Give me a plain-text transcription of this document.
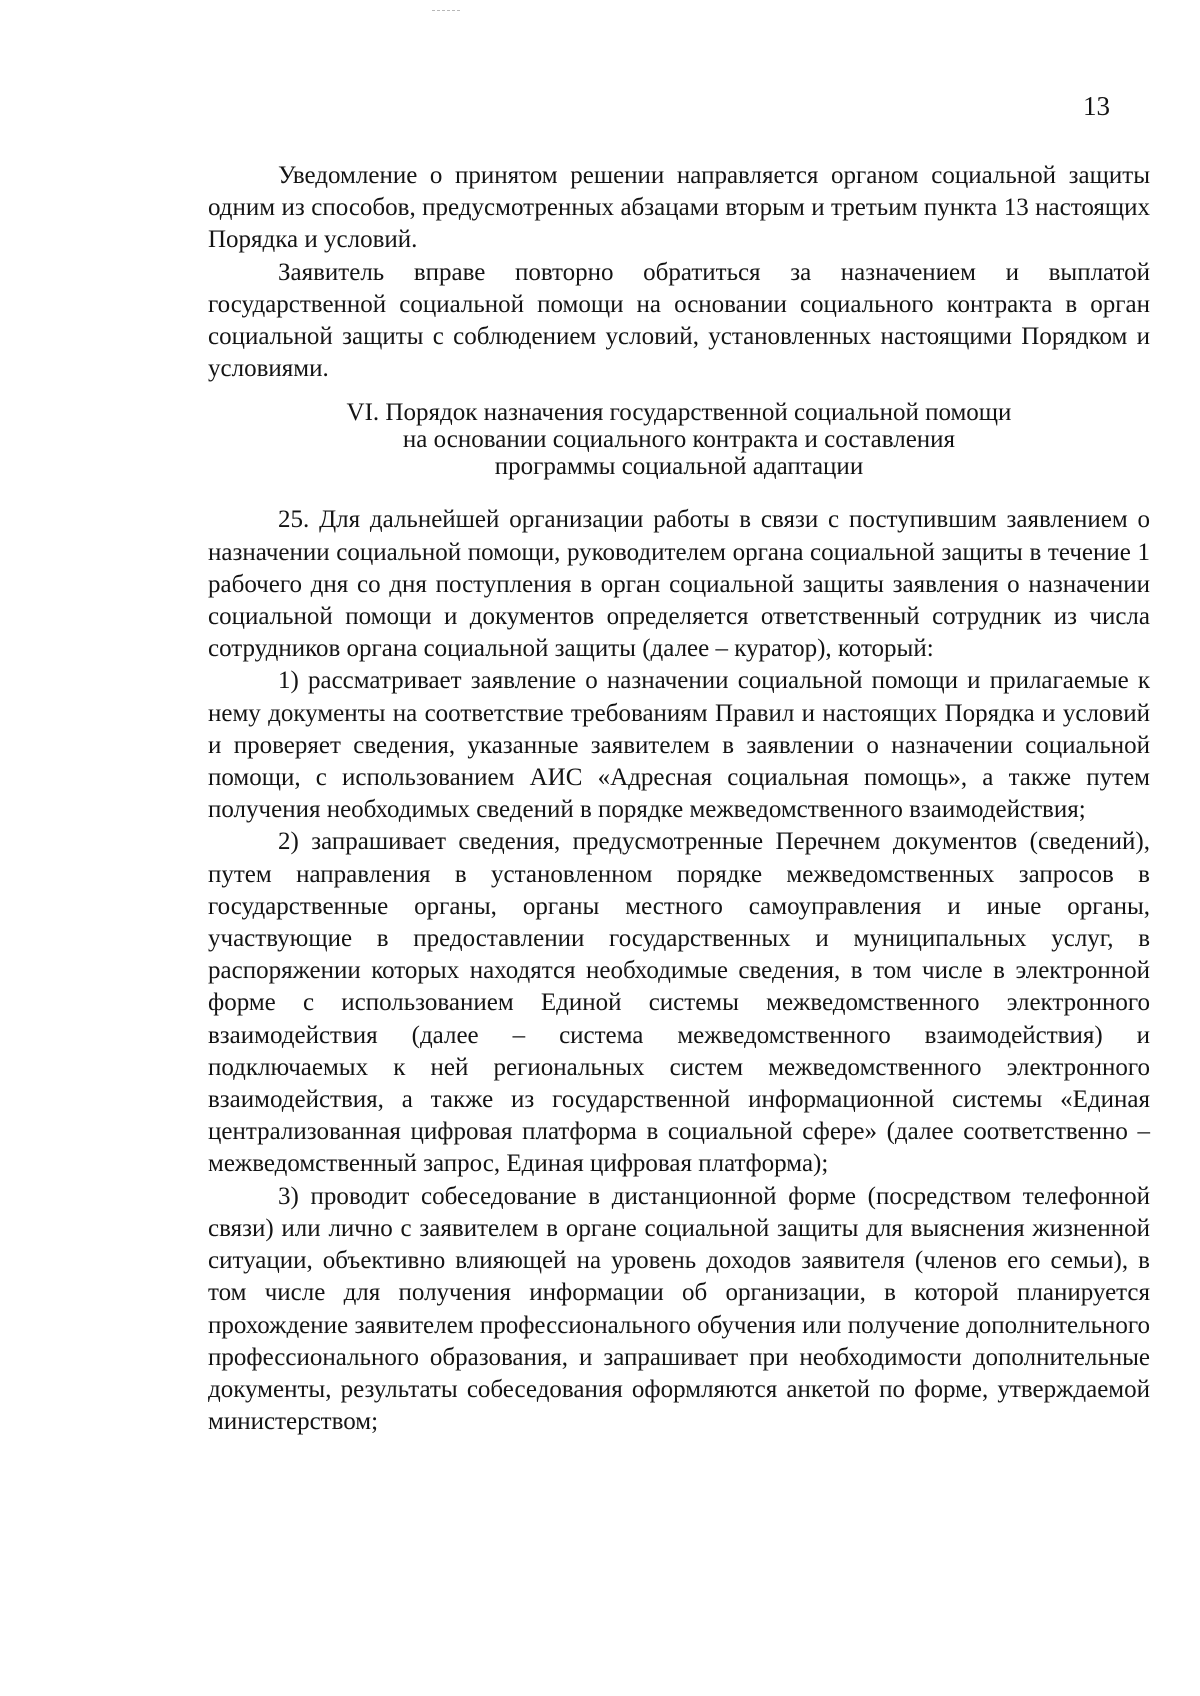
13

Уведомление о принятом решении направляется органом социальной защиты одним из способов, предусмотренных абзацами вторым и третьим пункта 13 настоящих Порядка и условий.

Заявитель вправе повторно обратиться за назначением и выплатой государственной социальной помощи на основании социального контракта в орган социальной защиты с соблюдением условий, установленных настоящими Порядком и условиями.

VI. Порядок назначения государственной социальной помощи
на основании социального контракта и составления
программы социальной адаптации

25. Для дальнейшей организации работы в связи с поступившим заявлением о назначении социальной помощи, руководителем органа социальной защиты в течение 1 рабочего дня со дня поступления в орган социальной защиты заявления о назначении социальной помощи и документов определяется ответственный сотрудник из числа сотрудников органа социальной защиты (далее – куратор), который:

1) рассматривает заявление о назначении социальной помощи и прилагаемые к нему документы на соответствие требованиям Правил и настоящих Порядка и условий и проверяет сведения, указанные заявителем в заявлении о назначении социальной помощи, с использованием АИС «Адресная социальная помощь», а также путем получения необходимых сведений в порядке межведомственного взаимодействия;

2) запрашивает сведения, предусмотренные Перечнем документов (сведений), путем направления в установленном порядке межведомственных запросов в государственные органы, органы местного самоуправления и иные органы, участвующие в предоставлении государственных и муниципальных услуг, в распоряжении которых находятся необходимые сведения, в том числе в электронной форме с использованием Единой системы межведомственного электронного взаимодействия (далее – система межведомственного взаимодействия) и подключаемых к ней региональных систем межведомственного электронного взаимодействия, а также из государственной информационной системы «Единая централизованная цифровая платформа в социальной сфере» (далее соответственно – межведомственный запрос, Единая цифровая платформа);

3) проводит собеседование в дистанционной форме (посредством телефонной связи) или лично с заявителем в органе социальной защиты для выяснения жизненной ситуации, объективно влияющей на уровень доходов заявителя (членов его семьи), в том числе для получения информации об организации, в которой планируется прохождение заявителем профессионального обучения или получение дополнительного профессионального образования, и запрашивает при необходимости дополнительные документы, результаты собеседования оформляются анкетой по форме, утверждаемой министерством;
